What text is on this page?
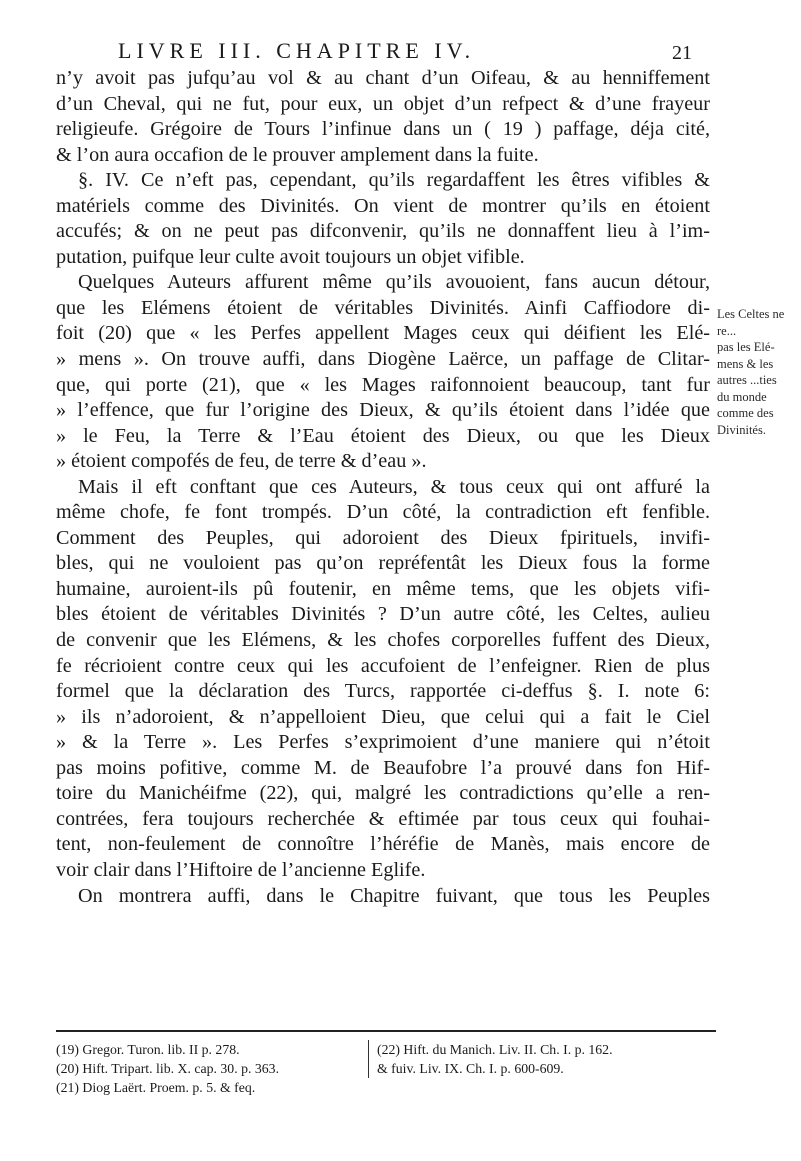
LIVRE III. CHAPITRE IV.	21
n’y avoit pas jufqu’au vol & au chant d’un Oifeau, & au henniffement
d’un Cheval, qui ne fut, pour eux, un objet d’un refpect & d’une frayeur
religieufe. Grégoire de Tours l’infinue dans un ( 19 ) paffage, déja cité,
& l’on aura occafion de le prouver amplement dans la fuite.
§. IV. Ce n’eft pas, cependant, qu’ils regardaffent les êtres vifibles &
matériels comme des Divinités. On vient de montrer qu’ils en étoient
accufés; & on ne peut pas difconvenir, qu’ils ne donnaffent lieu à l’im-
putation, puifque leur culte avoit toujours un objet vifible.
Quelques Auteurs affurent même qu’ils avouoient, fans aucun détour,
que les Elémens étoient de véritables Divinités. Ainfi Caffiodore di-
foit (20) que « les Perfes appellent Mages ceux qui déifient les Elé-
» mens ». On trouve auffi, dans Diogène Laërce, un paffage de Clitar-
que, qui porte (21), que « les Mages raifonnoient beaucoup, tant fur
» l’effence, que fur l’origine des Dieux, & qu’ils étoient dans l’idée que
» le Feu, la Terre & l’Eau étoient des Dieux, ou que les Dieux
» étoient compofés de feu, de terre & d’eau ».
Mais il eft conftant que ces Auteurs, & tous ceux qui ont affuré la
même chofe, fe font trompés. D’un côté, la contradiction eft fenfible.
Comment des Peuples, qui adoroient des Dieux fpirituels, invifi-
bles, qui ne vouloient pas qu’on repréfentât les Dieux fous la forme
humaine, auroient-ils pû foutenir, en même tems, que les objets vifi-
bles étoient de véritables Divinités ? D’un autre côté, les Celtes, aulieu
de convenir que les Elémens, & les chofes corporelles fuffent des Dieux,
fe récrioient contre ceux qui les accufoient de l’enfeigner. Rien de plus
formel que la déclaration des Turcs, rapportée ci-deffus §. I. note 6:
» ils n’adoroient, & n’appelloient Dieu, que celui qui a fait le Ciel
» & la Terre ». Les Perfes s’exprimoient d’une maniere qui n’étoit
pas moins pofitive, comme M. de Beaufobre l’a prouvé dans fon Hif-
toire du Manichéifme (22), qui, malgré les contradictions qu’elle a ren-
contrées, fera toujours recherchée & eftimée par tous ceux qui fouhai-
tent, non-feulement de connoître l’héréfie de Manès, mais encore de
voir clair dans l’Hiftoire de l’ancienne Eglife.
On montrera auffi, dans le Chapitre fuivant, que tous les Peuples
Les Celtes ne
re...
pas les Elé-
mens & les
autres ...ties
du monde
comme des
Divinités.
(19) Gregor. Turon. lib. II p. 278.
(20) Hift. Tripart. lib. X. cap. 30. p. 363.
(21) Diog Laërt. Proem. p. 5. & feq.
(22) Hift. du Manich. Liv. II. Ch. I. p. 162.
& fuiv. Liv. IX. Ch. I. p. 600-609.
